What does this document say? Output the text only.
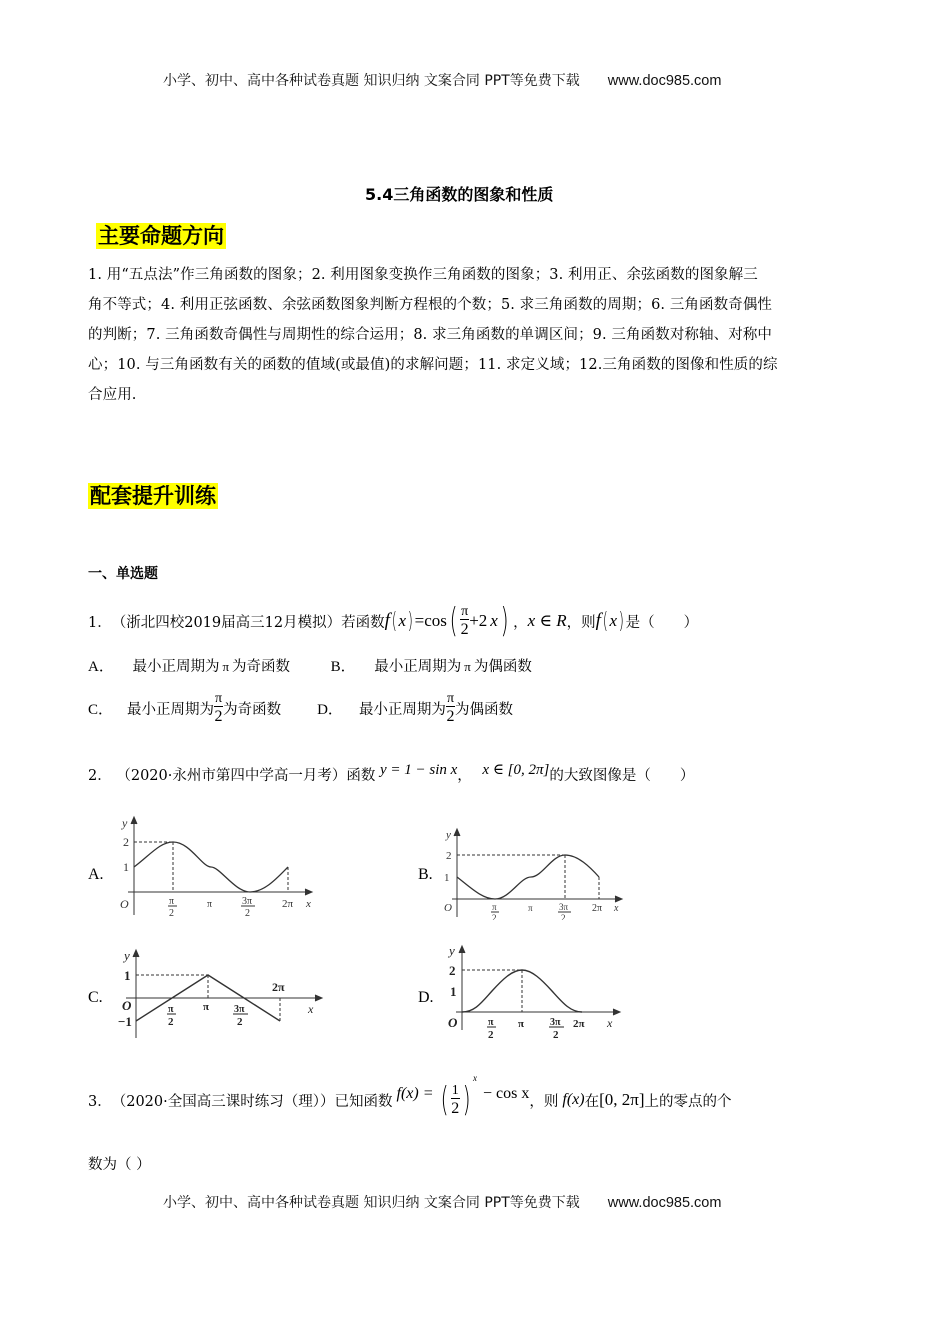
小学、初中、高中各种试卷真题 知识归纳 文案合同 PPT等免费下载 www.doc985.com
5.4三角函数的图象和性质
主要命题方向
1. 用“五点法”作三角函数的图象；2. 利用图象变换作三角函数的图象；3. 利用正、余弦函数的图象解三
角不等式；4. 利用正弦函数、余弦函数图象判断方程根的个数；5. 求三角函数的周期；6. 三角函数奇偶性
的判断；7. 三角函数奇偶性与周期性的综合运用；8. 求三角函数的单调区间；9. 三角函数对称轴、对称中
心；10. 与三角函数有关的函数的值域(或最值)的求解问题；11. 求定义域；12.三角函数的图像和性质的综
合应用.
配套提升训练
一、单选题
1． （浙北四校2019届高三12月模拟）若函数 f ( x ) =cos ( $\frac{\pi}{2} +2$ x ) ， x ∈ R ，则 f ( x ) 是（　　）
A． 最小正周期为 π 为奇函数	B． 最小正周期为 π 为偶函数
C． 最小正周期为 $\frac{\pi}{2}$ 为奇函数 D． 最小正周期为 $\frac{\pi}{2}$ 为偶函数
2． （2020·永州市第四中学高一月考）函数 y = 1 − sin x， x ∈ [0, 2π]的大致图像是（　　）
A.	B.
C.	D.
y
2
1
O	π
2
π	3π
2
2π x
y
2
1
O	π
2
π	3π
2
2π x
y
1
−1
O	π
2
π 3π
2
2π
x
y
2
1
O	π
2
π	3π
2
2π x
3． （2020·全国高三课时练习（理））已知函数 f(x) = ( $\frac{1}{2}$ )
x
− cos x ，则 f(x) 在 [0, 2π] 上的零点的个
数为（ ）
小学、初中、高中各种试卷真题 知识归纳 文案合同 PPT等免费下载 www.doc985.com
